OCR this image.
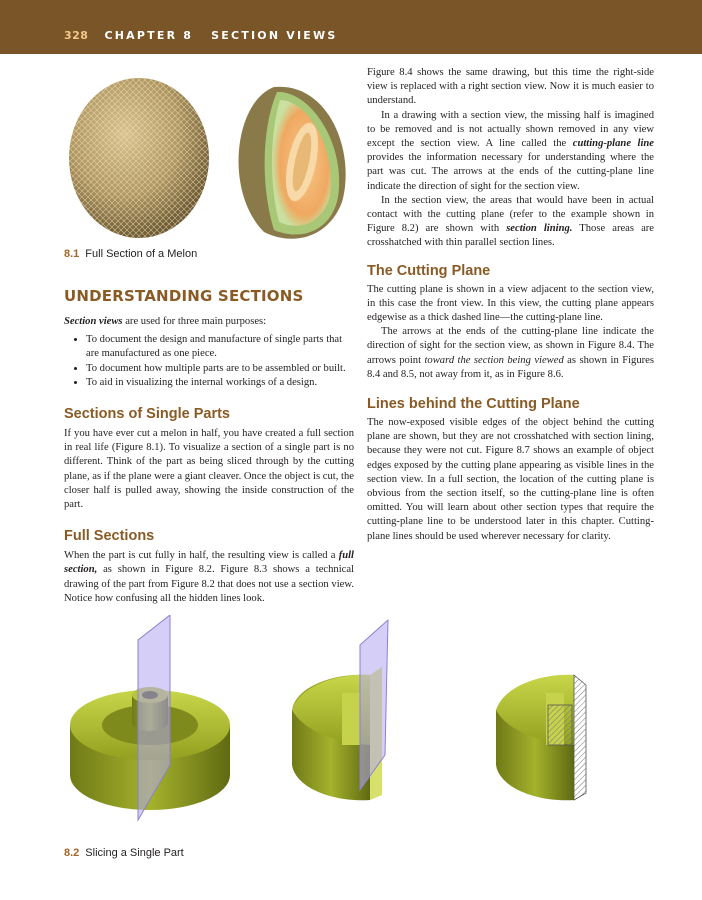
328 CHAPTER 8 SECTION VIEWS
8.1 Full Section of a Melon
UNDERSTANDING SECTIONS

Section views are used for three main purposes:

• To document the design and manufacture of single parts that are manufactured as one piece.
• To document how multiple parts are to be assembled or built.
• To aid in visualizing the internal workings of a design.
Sections of Single Parts

If you have ever cut a melon in half, you have created a full section in real life (Figure 8.1). To visualize a section of a single part is no different. Think of the part as being sliced through by the cutting plane, as if the plane were a giant cleaver. Once the object is cut, the closer half is pulled away, showing the inside construction of the part.

Full Sections

When the part is cut fully in half, the resulting view is called a full section, as shown in Figure 8.2. Figure 8.3 shows a technical drawing of the part from Figure 8.2 that does not use a section view. Notice how confusing all the hidden lines look.

Figure 8.4 shows the same drawing, but this time the right-side view is replaced with a right section view. Now it is much easier to understand.

In a drawing with a section view, the missing half is imagined to be removed and is not actually shown removed in any view except the section view. A line called the cutting-plane line provides the information necessary for understanding where the part was cut. The arrows at the ends of the cutting-plane line indicate the direction of sight for the section view.

In the section view, the areas that would have been in actual contact with the cutting plane (refer to the example shown in Figure 8.2) are shown with section lining. Those areas are crosshatched with thin parallel section lines.

The Cutting Plane

The cutting plane is shown in a view adjacent to the section view, in this case the front view. In this view, the cutting plane appears edgewise as a thick dashed line—the cutting-plane line.

The arrows at the ends of the cutting-plane line indicate the direction of sight for the section view, as shown in Figure 8.4. The arrows point toward the section being viewed as shown in Figures 8.4 and 8.5, not away from it, as in Figure 8.6.

Lines behind the Cutting Plane

The now-exposed visible edges of the object behind the cutting plane are shown, but they are not crosshatched with section lining, because they were not cut. Figure 8.7 shows an example of object edges exposed by the cutting plane appearing as visible lines in the section view. In a full section, the location of the cutting plane is obvious from the section itself, so the cutting-plane line is often omitted. You will learn about other section types that require the cutting-plane line to be understood later in this chapter. Cutting-plane lines should be used wherever necessary for clarity.

8.2 Slicing a Single Part
